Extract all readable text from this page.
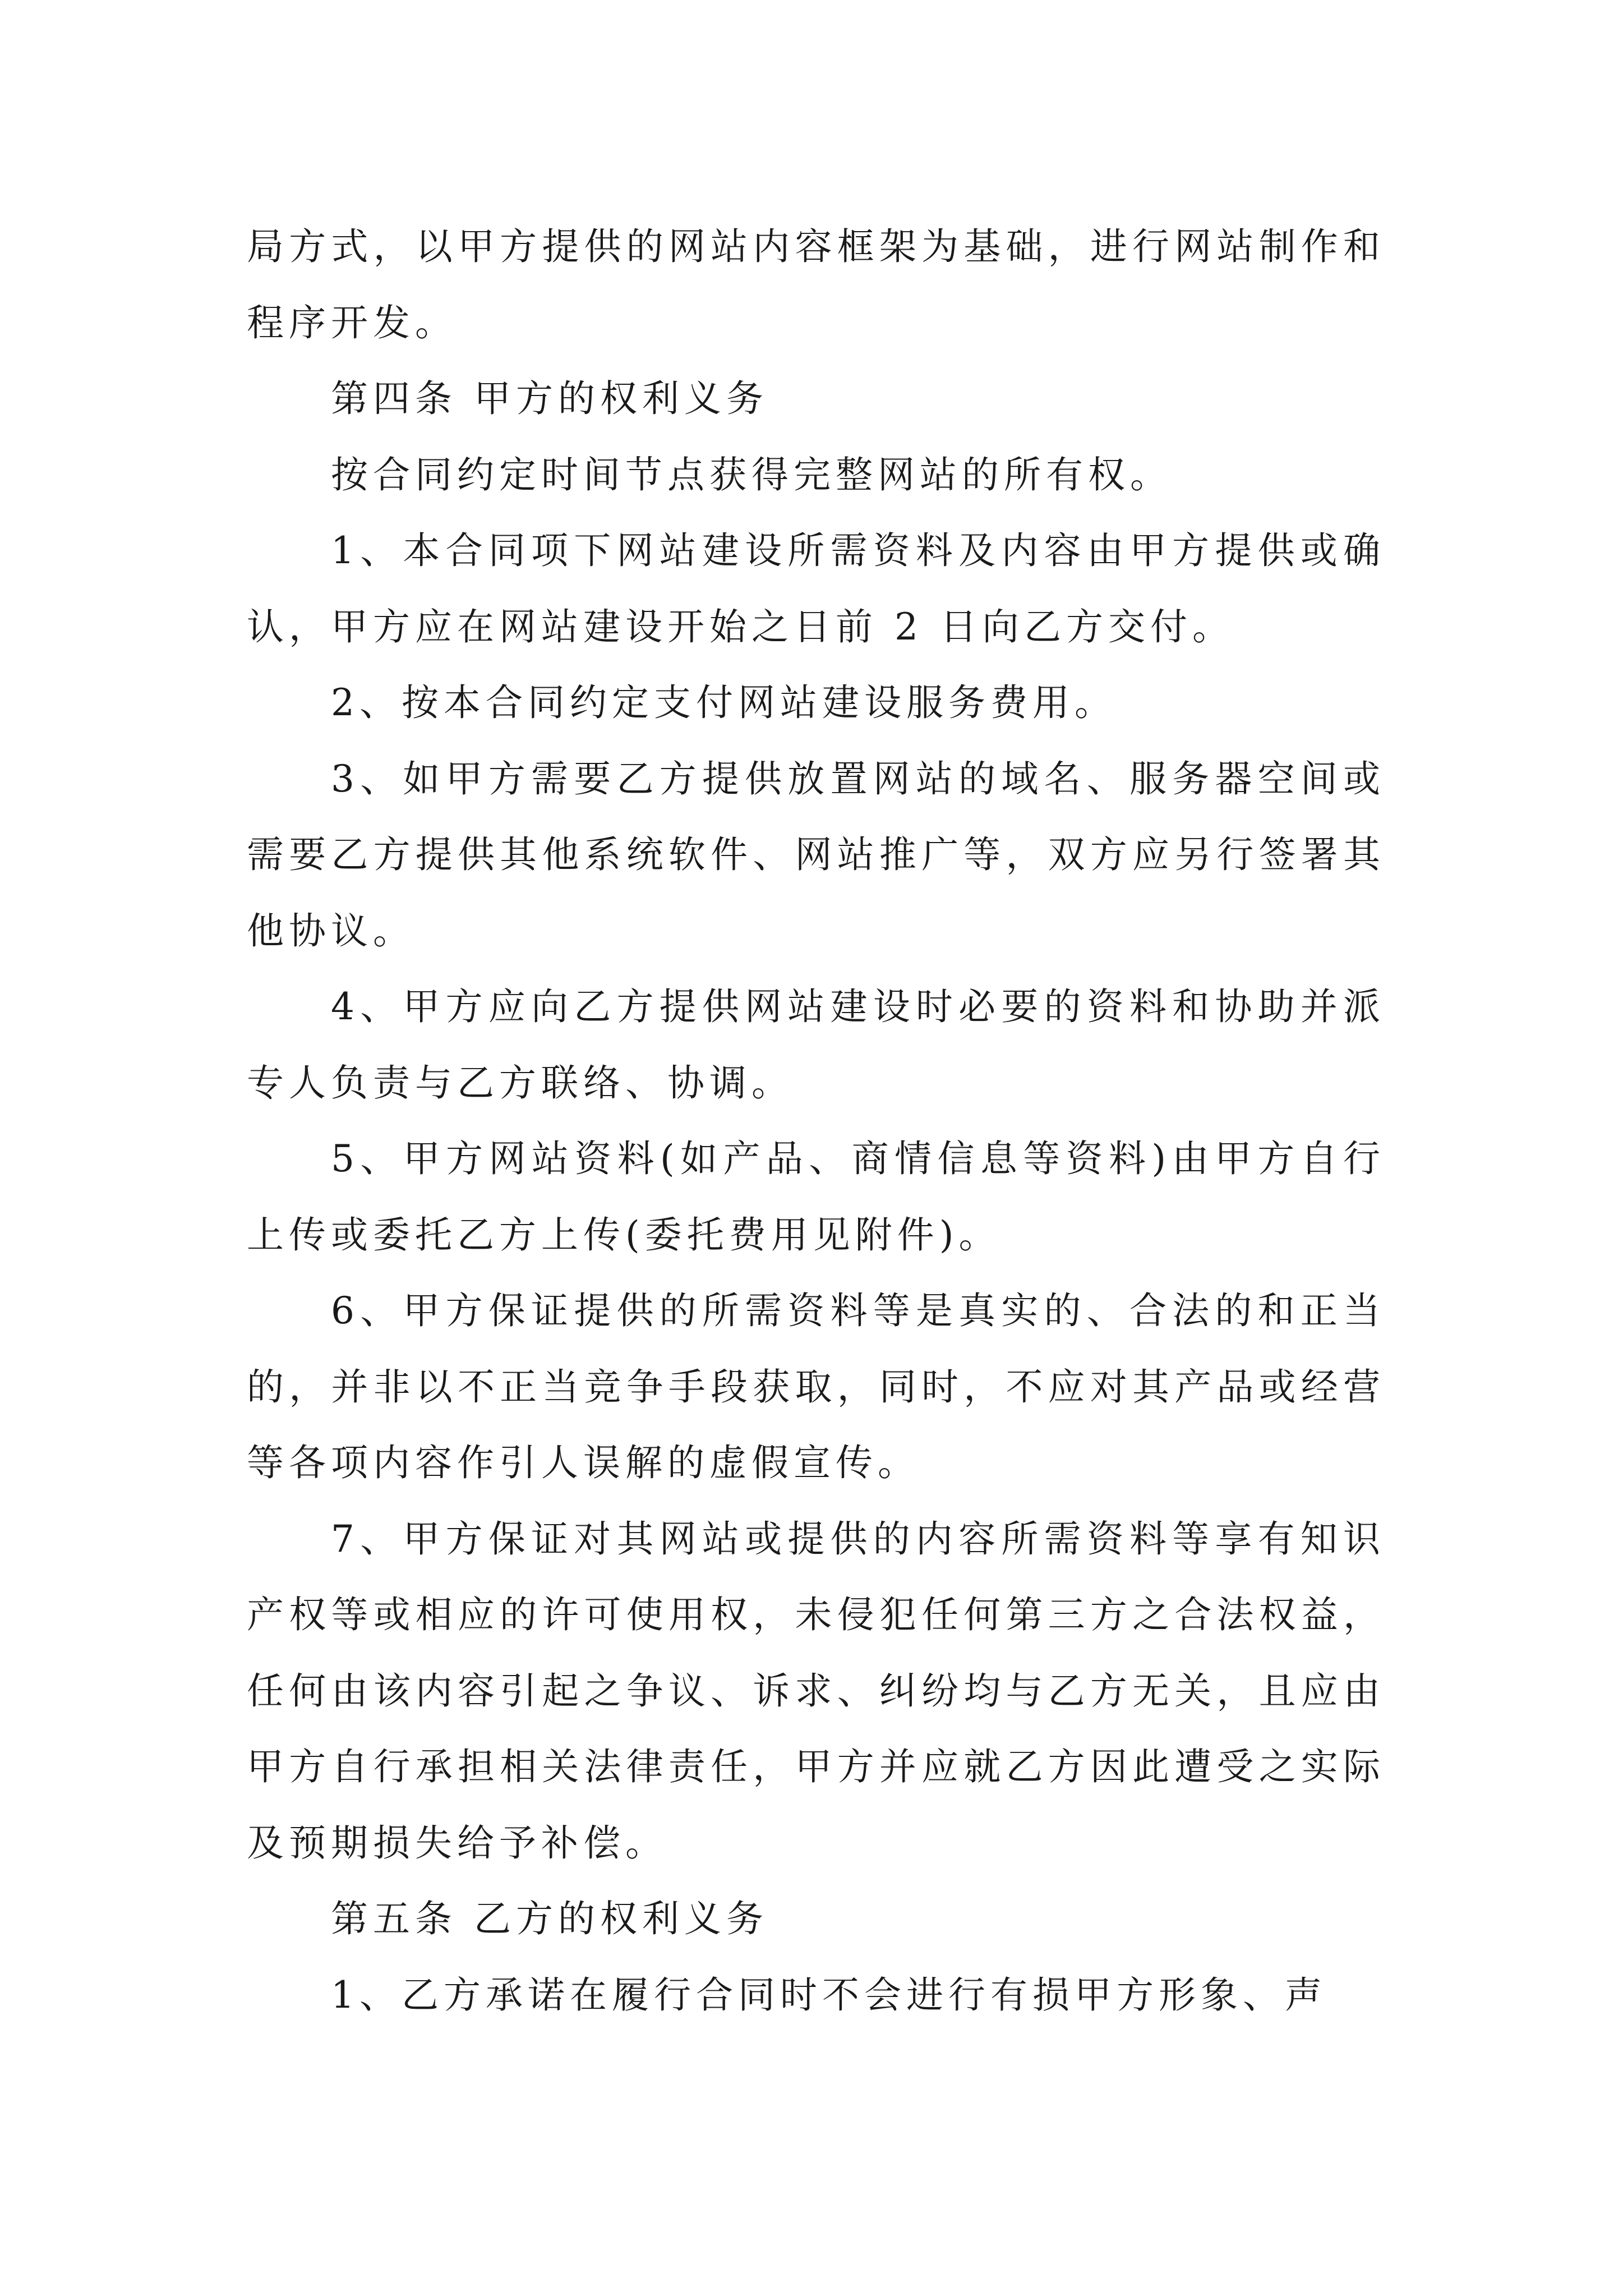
局方式，以甲方提供的网站内容框架为基础，进行网站制作和程序开发。

第四条 甲方的权利义务

按合同约定时间节点获得完整网站的所有权。

1、本合同项下网站建设所需资料及内容由甲方提供或确认，甲方应在网站建设开始之日前 2 日向乙方交付。

2、按本合同约定支付网站建设服务费用。

3、如甲方需要乙方提供放置网站的域名、服务器空间或需要乙方提供其他系统软件、网站推广等，双方应另行签署其他协议。

4、甲方应向乙方提供网站建设时必要的资料和协助并派专人负责与乙方联络、协调。

5、甲方网站资料(如产品、商情信息等资料)由甲方自行上传或委托乙方上传(委托费用见附件)。

6、甲方保证提供的所需资料等是真实的、合法的和正当的，并非以不正当竞争手段获取，同时，不应对其产品或经营等各项内容作引人误解的虚假宣传。

7、甲方保证对其网站或提供的内容所需资料等享有知识产权等或相应的许可使用权，未侵犯任何第三方之合法权益，任何由该内容引起之争议、诉求、纠纷均与乙方无关，且应由甲方自行承担相关法律责任，甲方并应就乙方因此遭受之实际及预期损失给予补偿。

第五条 乙方的权利义务

1、乙方承诺在履行合同时不会进行有损甲方形象、声
